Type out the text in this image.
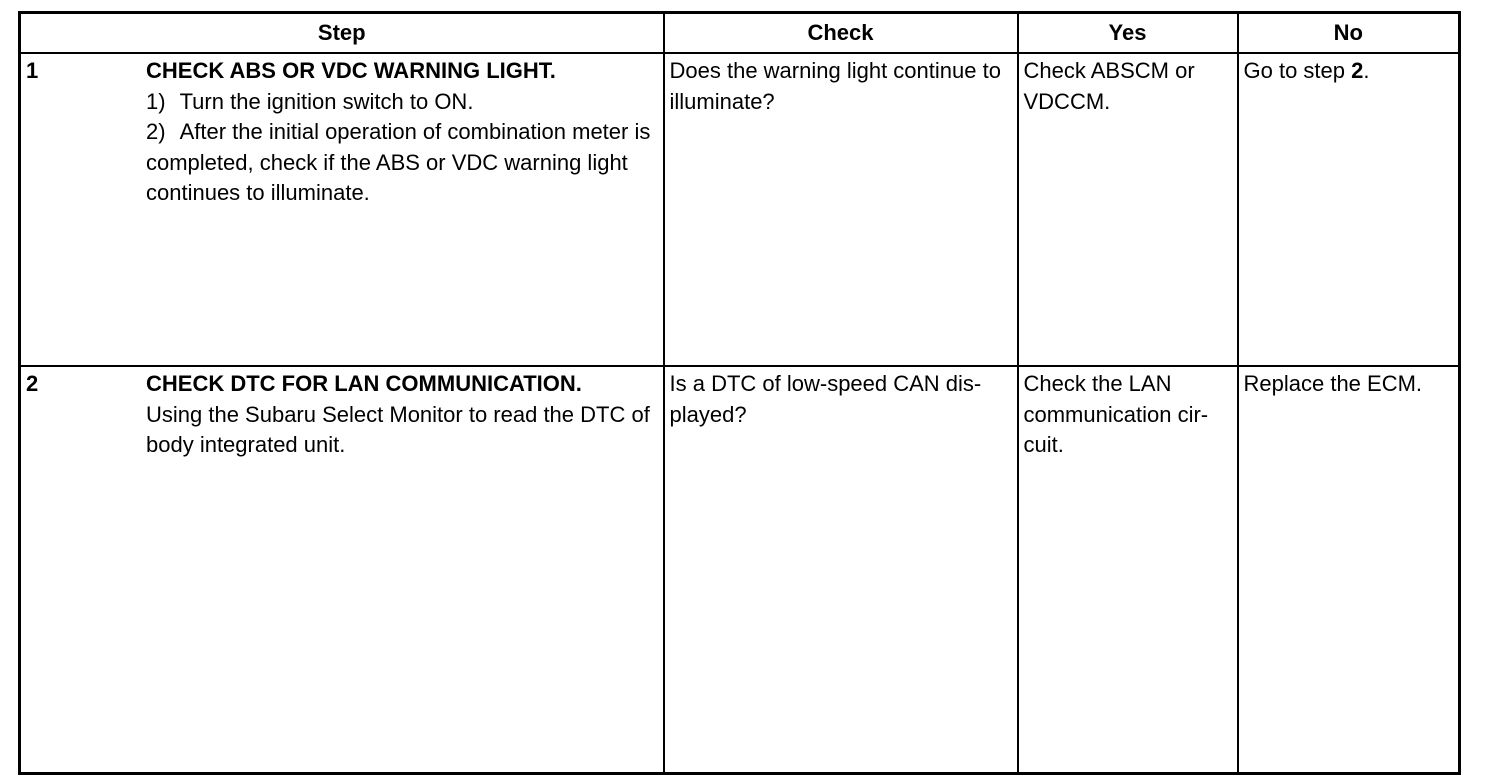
Step	Check	Yes	No

1 CHECK ABS OR VDC WARNING LIGHT.
1) Turn the ignition switch to ON.
2) After the initial operation of combination meter is completed, check if the ABS or VDC warning light continues to illuminate.	Does the warning light continue to illuminate?	Check ABSCM or VDCCM.	Go to step 2.

2 CHECK DTC FOR LAN COMMUNICATION.
Using the Subaru Select Monitor to read the DTC of body integrated unit.	Is a DTC of low-speed CAN dis-played?	Check the LAN communication cir-cuit.	Replace the ECM.
